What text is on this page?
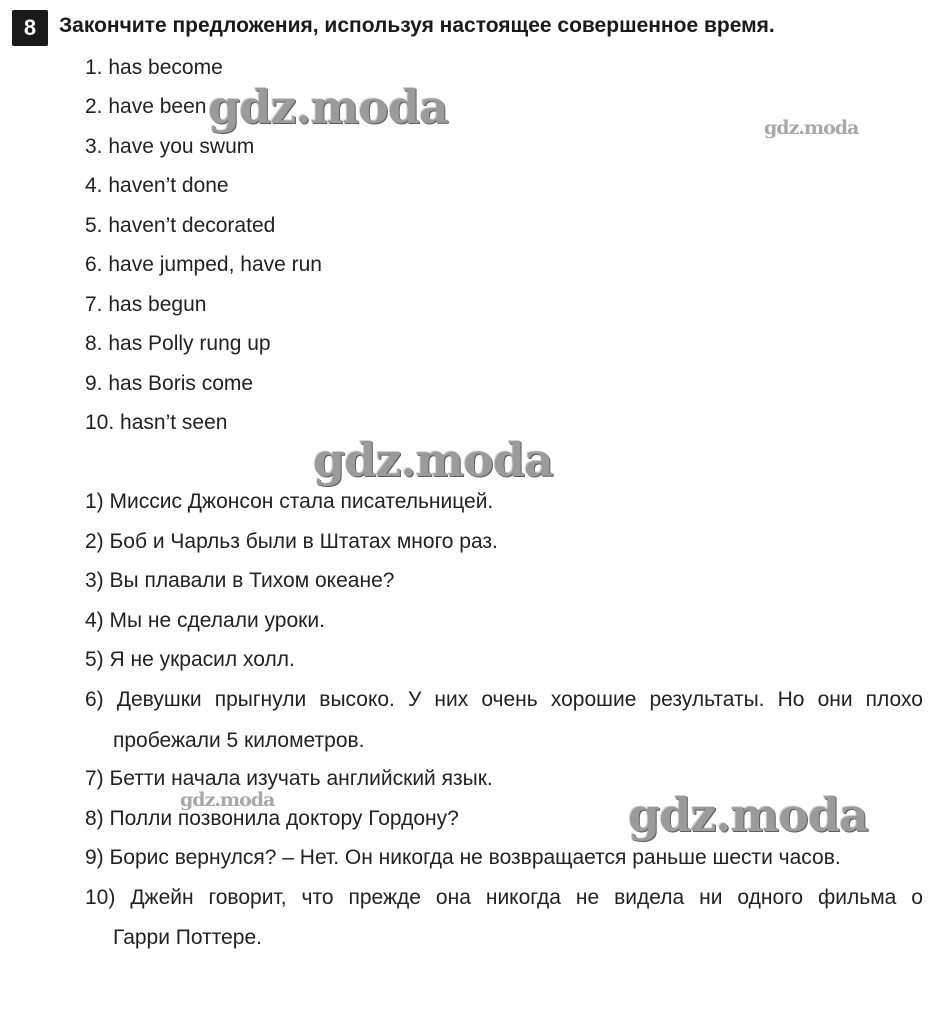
8	Закончите предложения, используя настоящее совершенное время.
1. has become
2. have been
3. have you swum
4. haven’t done
5. haven’t decorated
6. have jumped, have run
7. has begun
8. has Polly rung up
9. has Boris come
10. hasn’t seen
1) Миссис Джонсон стала писательницей.
2) Боб и Чарльз были в Штатах много раз.
3) Вы плавали в Тихом океане?
4) Мы не сделали уроки.
5) Я не украсил холл.
6) Девушки прыгнули высоко. У них очень хорошие результаты. Но они плохо
пробежали 5 километров.
7) Бетти начала изучать английский язык.
8) Полли позвонила доктору Гордону?
9) Борис вернулся? – Нет. Он никогда не возвращается раньше шести часов.
10) Джейн говорит, что прежде она никогда не видела ни одного фильма о
Гарри Поттере.
gdz.moda	gdz.moda
gdz.moda
gdz.moda	gdz.moda
